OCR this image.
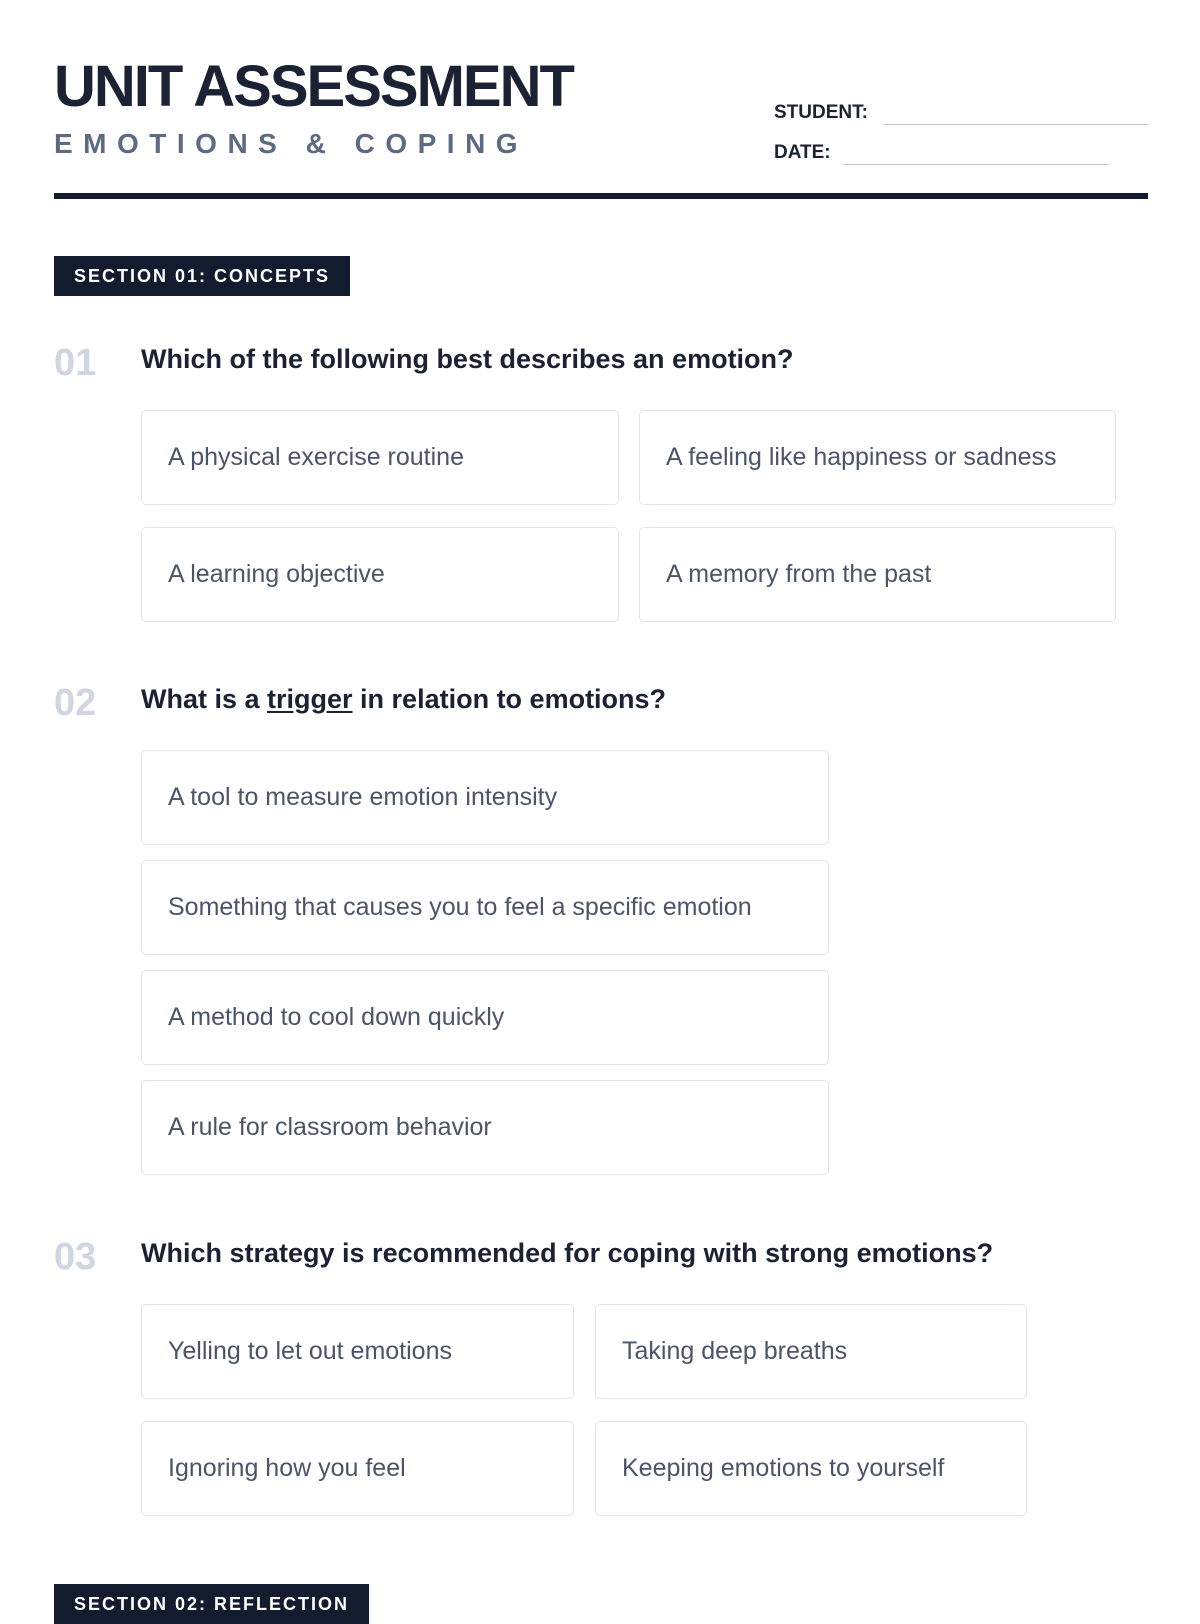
UNIT ASSESSMENT
EMOTIONS & COPING
STUDENT:
DATE:
SECTION 01: CONCEPTS
01 Which of the following best describes an emotion?
A physical exercise routine	A feeling like happiness or sadness
A learning objective	A memory from the past
02 What is a trigger in relation to emotions?
A tool to measure emotion intensity
Something that causes you to feel a specific emotion
A method to cool down quickly
A rule for classroom behavior
03 Which strategy is recommended for coping with strong emotions?
Yelling to let out emotions	Taking deep breaths
Ignoring how you feel	Keeping emotions to yourself
SECTION 02: REFLECTION
